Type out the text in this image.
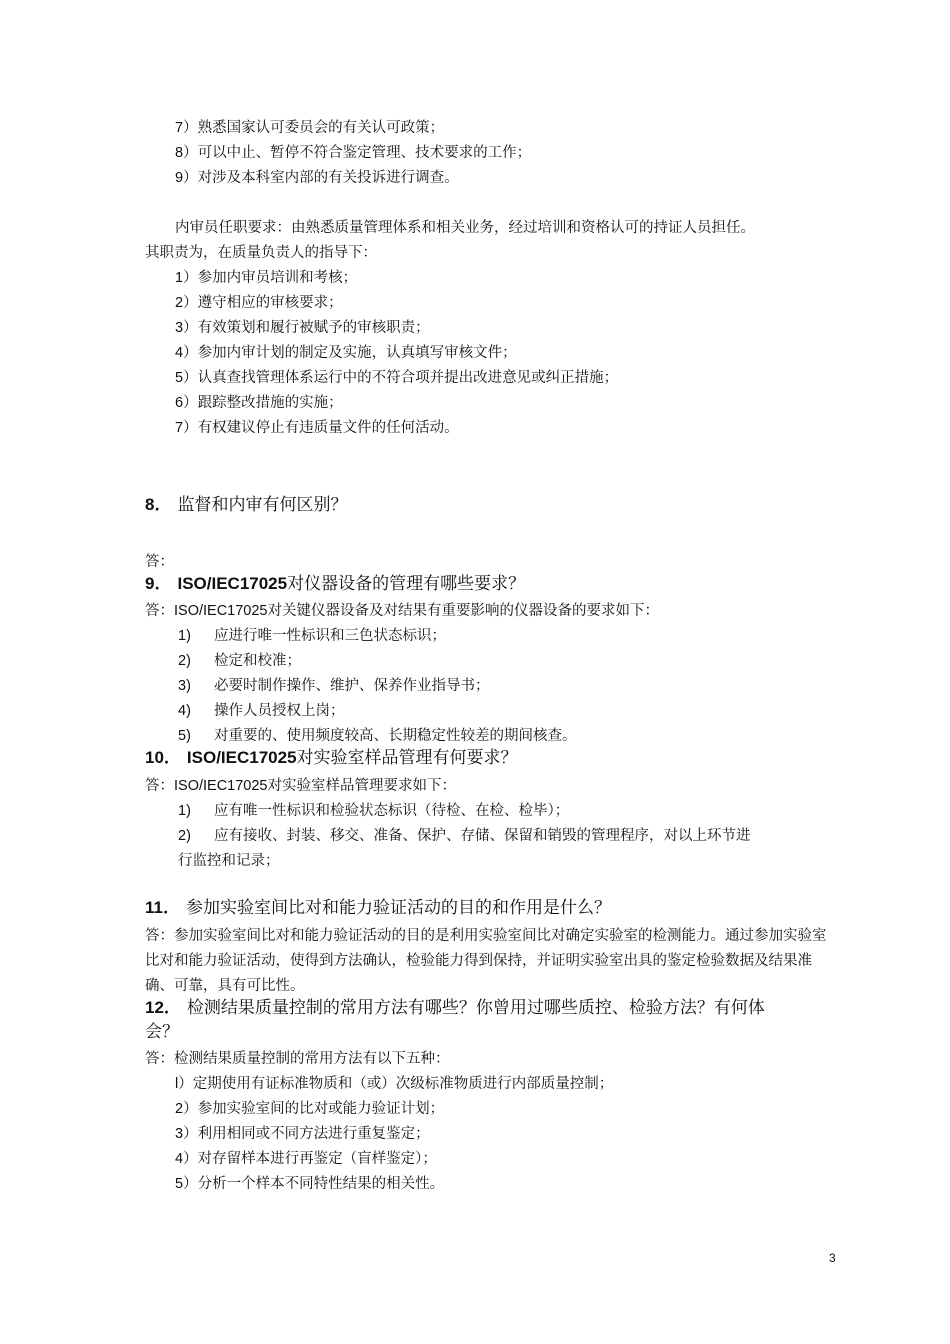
7）熟悉国家认可委员会的有关认可政策；
8）可以中止、暂停不符合鉴定管理、技术要求的工作；
9）对涉及本科室内部的有关投诉进行调查。
内审员任职要求：由熟悉质量管理体系和相关业务，经过培训和资格认可的持证人员担任。
其职责为，在质量负责人的指导下：
1）参加内审员培训和考核；
2）遵守相应的审核要求；
3）有效策划和履行被赋予的审核职责；
4）参加内审计划的制定及实施，认真填写审核文件；
5）认真查找管理体系运行中的不符合项并提出改进意见或纠正措施；
6）跟踪整改措施的实施；
7）有权建议停止有违质量文件的任何活动。
8． 监督和内审有何区别？
答：
9． ISO/IEC17025对仪器设备的管理有哪些要求？
答：ISO/IEC17025对关键仪器设备及对结果有重要影响的仪器设备的要求如下：
1) 应进行唯一性标识和三色状态标识；
2) 检定和校准；
3) 必要时制作操作、维护、保养作业指导书；
4) 操作人员授权上岗；
5) 对重要的、使用频度较高、长期稳定性较差的期间核查。
10． ISO/IEC17025对实验室样品管理有何要求？
答：ISO/IEC17025对实验室样品管理要求如下：
1) 应有唯一性标识和检验状态标识（待检、在检、检毕）；
2) 应有接收、封装、移交、准备、保护、存储、保留和销毁的管理程序，对以上环节进
行监控和记录；
11． 参加实验室间比对和能力验证活动的目的和作用是什么？
答：参加实验室间比对和能力验证活动的目的是利用实验室间比对确定实验室的检测能力。通过参加实验室比对和能力验证活动，使得到方法确认，检验能力得到保持，并证明实验室出具的鉴定检验数据及结果准确、可靠，具有可比性。
12． 检测结果质量控制的常用方法有哪些？你曾用过哪些质控、检验方法？有何体
会？
答：检测结果质量控制的常用方法有以下五种：
l）定期使用有证标准物质和（或）次级标准物质进行内部质量控制；
2）参加实验室间的比对或能力验证计划；
3）利用相同或不同方法进行重复鉴定；
4）对存留样本进行再鉴定（盲样鉴定）；
5）分析一个样本不同特性结果的相关性。
3
